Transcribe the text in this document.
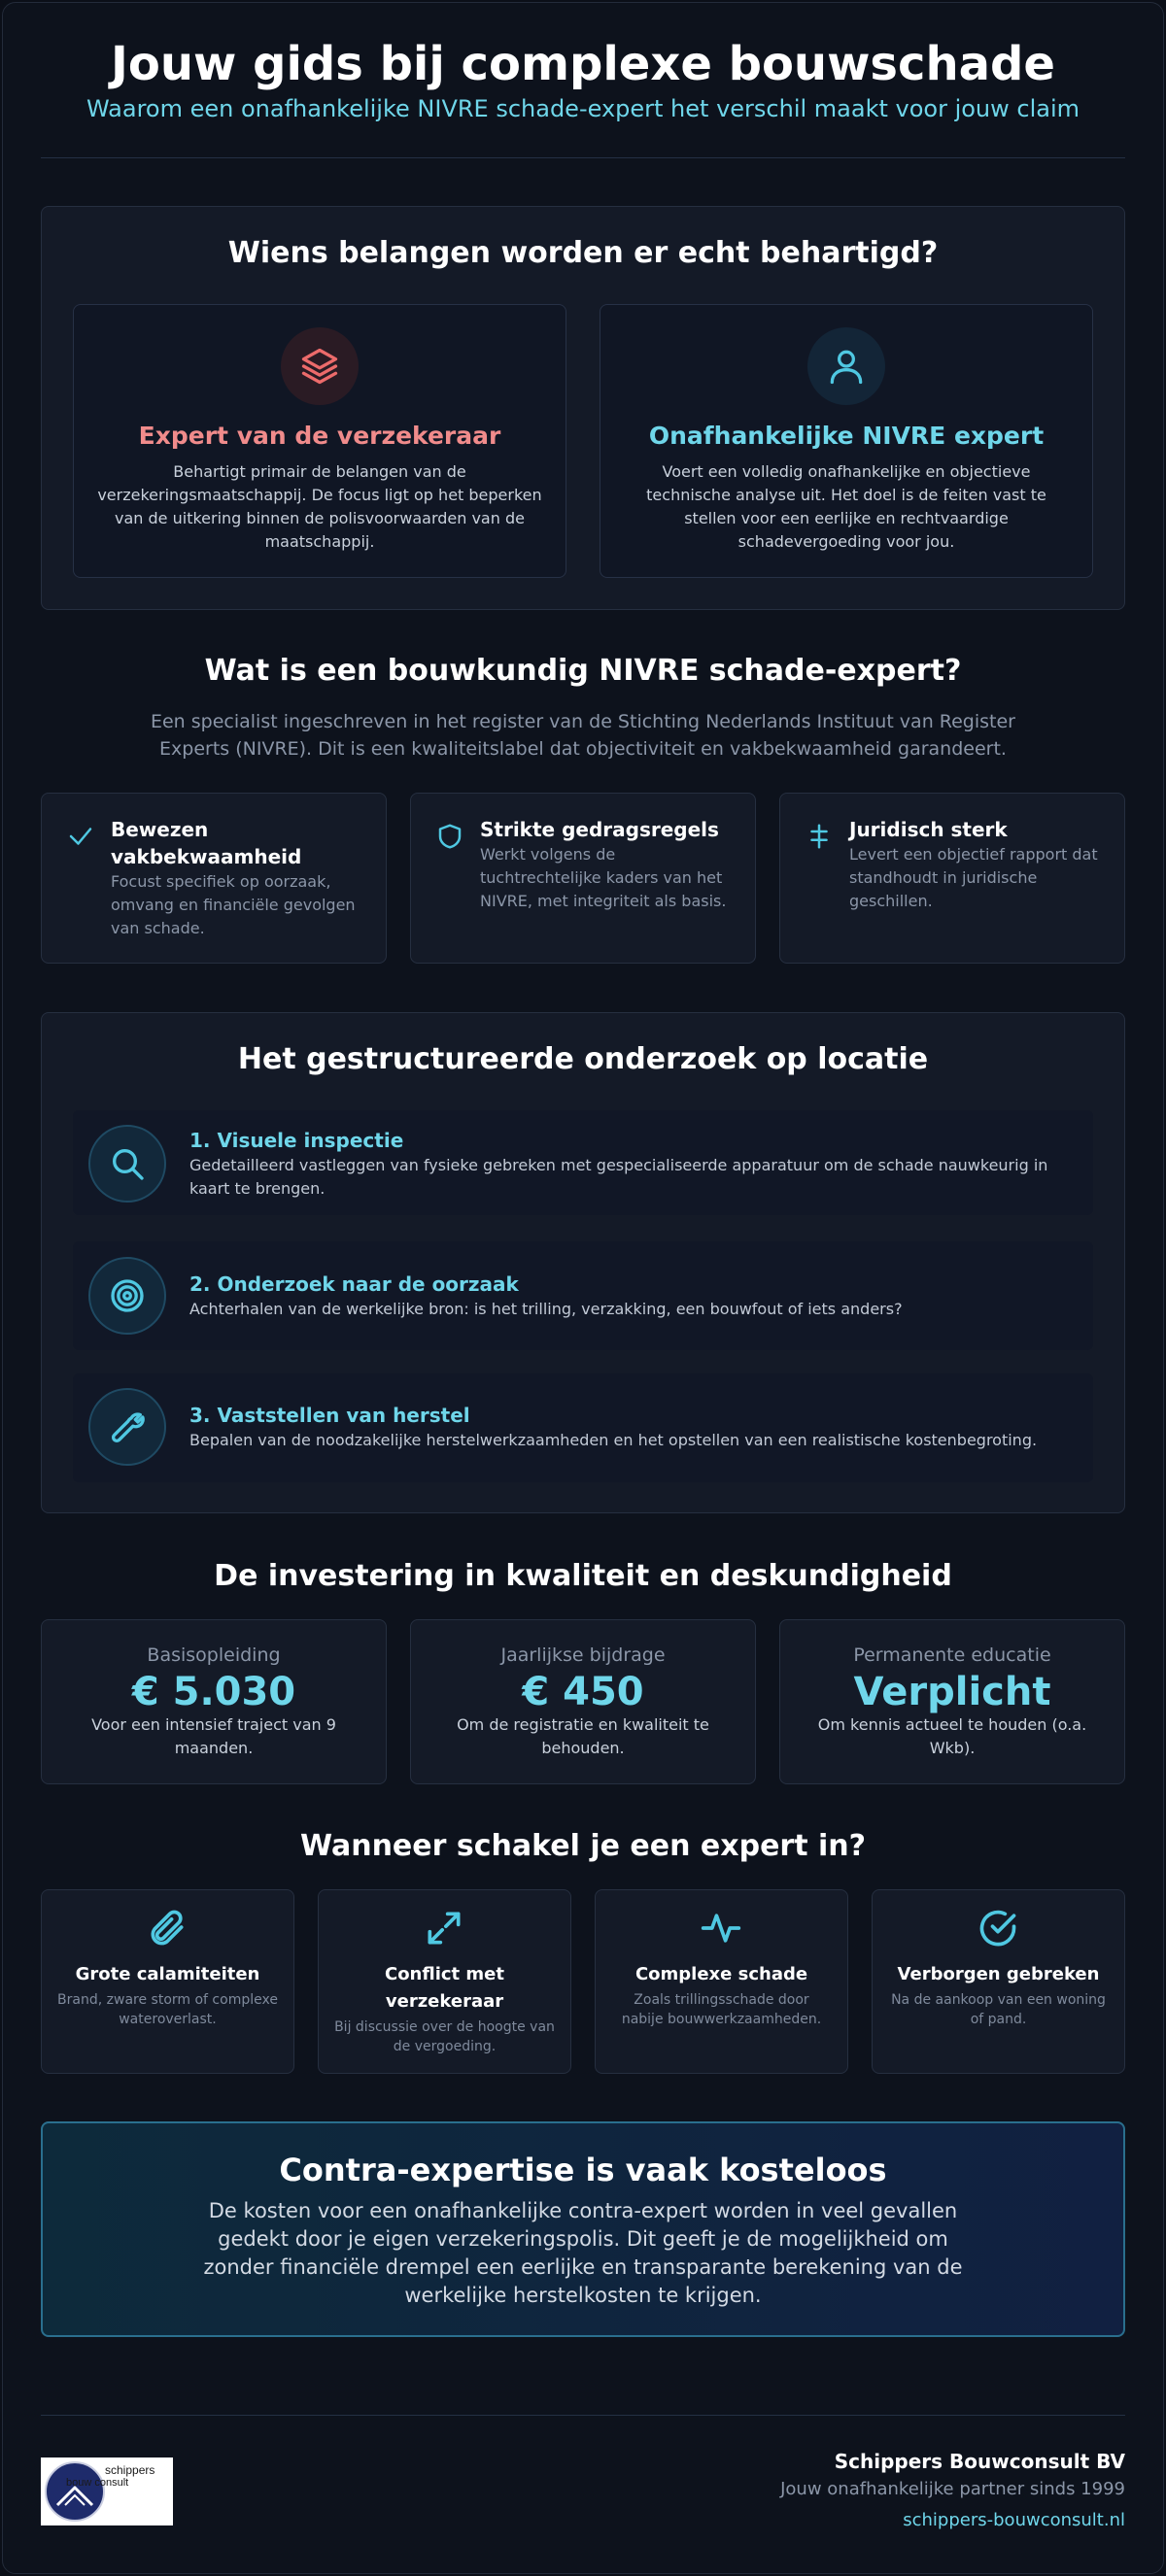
Jouw gids bij complexe bouwschade
Waarom een onafhankelijke NIVRE schade-expert het verschil maakt voor jouw claim
Wiens belangen worden er echt behartigd?
Expert van de verzekeraar
Behartigt primair de belangen van de
verzekeringsmaatschappij. De focus ligt op het beperken
van de uitkering binnen de polisvoorwaarden van de
maatschappij.
Onafhankelijke NIVRE expert
Voert een volledig onafhankelijke en objectieve
technische analyse uit. Het doel is de feiten vast te
stellen voor een eerlijke en rechtvaardige
schadevergoeding voor jou.
Wat is een bouwkundig NIVRE schade-expert?
Een specialist ingeschreven in het register van de Stichting Nederlands Instituut van Register
Experts (NIVRE). Dit is een kwaliteitslabel dat objectiviteit en vakbekwaamheid garandeert.
Bewezen
vakbekwaamheid
Focust specifiek op oorzaak,
omvang en financiële gevolgen
van schade.
Strikte gedragsregels
Werkt volgens de
tuchtrechtelijke kaders van het
NIVRE, met integriteit als basis.
Juridisch sterk
Levert een objectief rapport dat
standhoudt in juridische
geschillen.
Het gestructureerde onderzoek op locatie
1. Visuele inspectie
Gedetailleerd vastleggen van fysieke gebreken met gespecialiseerde apparatuur om de schade nauwkeurig in
kaart te brengen.
2. Onderzoek naar de oorzaak
Achterhalen van de werkelijke bron: is het trilling, verzakking, een bouwfout of iets anders?
3. Vaststellen van herstel
Bepalen van de noodzakelijke herstelwerkzaamheden en het opstellen van een realistische kostenbegroting.
De investering in kwaliteit en deskundigheid
Basisopleiding
€ 5.030
Voor een intensief traject van 9
maanden.
Jaarlijkse bijdrage
€ 450
Om de registratie en kwaliteit te
behouden.
Permanente educatie
Verplicht
Om kennis actueel te houden (o.a.
Wkb).
Wanneer schakel je een expert in?
Grote calamiteiten
Brand, zware storm of complexe
wateroverlast.
Conflict met
verzekeraar
Bij discussie over de hoogte van
de vergoeding.
Complexe schade
Zoals trillingsschade door
nabije bouwwerkzaamheden.
Verborgen gebreken
Na de aankoop van een woning
of pand.
Contra-expertise is vaak kosteloos
De kosten voor een onafhankelijke contra-expert worden in veel gevallen
gedekt door je eigen verzekeringspolis. Dit geeft je de mogelijkheid om
zonder financiële drempel een eerlijke en transparante berekening van de
werkelijke herstelkosten te krijgen.
schippers
bouw consult
Schippers Bouwconsult BV
Jouw onafhankelijke partner sinds 1999
schippers-bouwconsult.nl
